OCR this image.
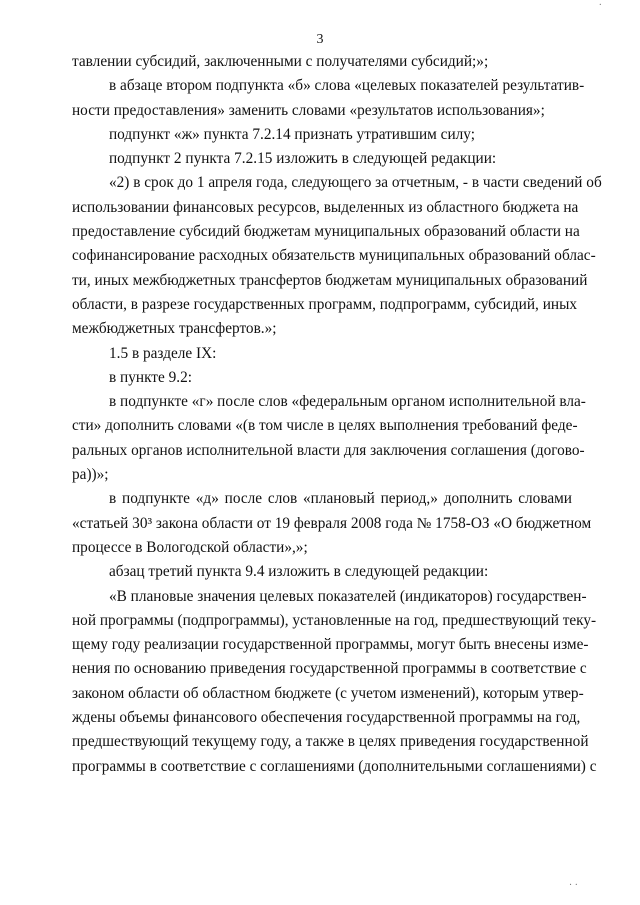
·
3
тавлении субсидий, заключенными с получателями субсидий;»;
в абзаце втором подпункта «б» слова «целевых показателей результатив-
ности предоставления» заменить словами «результатов использования»;
подпункт «ж» пункта 7.2.14 признать утратившим силу;
подпункт 2 пункта 7.2.15 изложить в следующей редакции:
«2) в срок до 1 апреля года, следующего за отчетным, - в части сведений об
использовании финансовых ресурсов, выделенных из областного бюджета на
предоставление субсидий бюджетам муниципальных образований области на
софинансирование расходных обязательств муниципальных образований облас-
ти, иных межбюджетных трансфертов бюджетам муниципальных образований
области, в разрезе государственных программ, подпрограмм, субсидий, иных
межбюджетных трансфертов.»;
1.5 в разделе IX:
в пункте 9.2:
в подпункте «г» после слов «федеральным органом исполнительной вла-
сти» дополнить словами «(в том числе в целях выполнения требований феде-
ральных органов исполнительной власти для заключения соглашения (догово-
ра))»;
в подпункте «д» после слов «плановый период,» дополнить словами
«статьей 30³ закона области от 19 февраля 2008 года № 1758-ОЗ «О бюджетном
процессе в Вологодской области»,»;
абзац третий пункта 9.4 изложить в следующей редакции:
«В плановые значения целевых показателей (индикаторов) государствен-
ной программы (подпрограммы), установленные на год, предшествующий теку-
щему году реализации государственной программы, могут быть внесены изме-
нения по основанию приведения государственной программы в соответствие с
законом области об областном бюджете (с учетом изменений), которым утвер-
ждены объемы финансового обеспечения государственной программы на год,
предшествующий текущему году, а также в целях приведения государственной
программы в соответствие с соглашениями (дополнительными соглашениями) с
· ·
